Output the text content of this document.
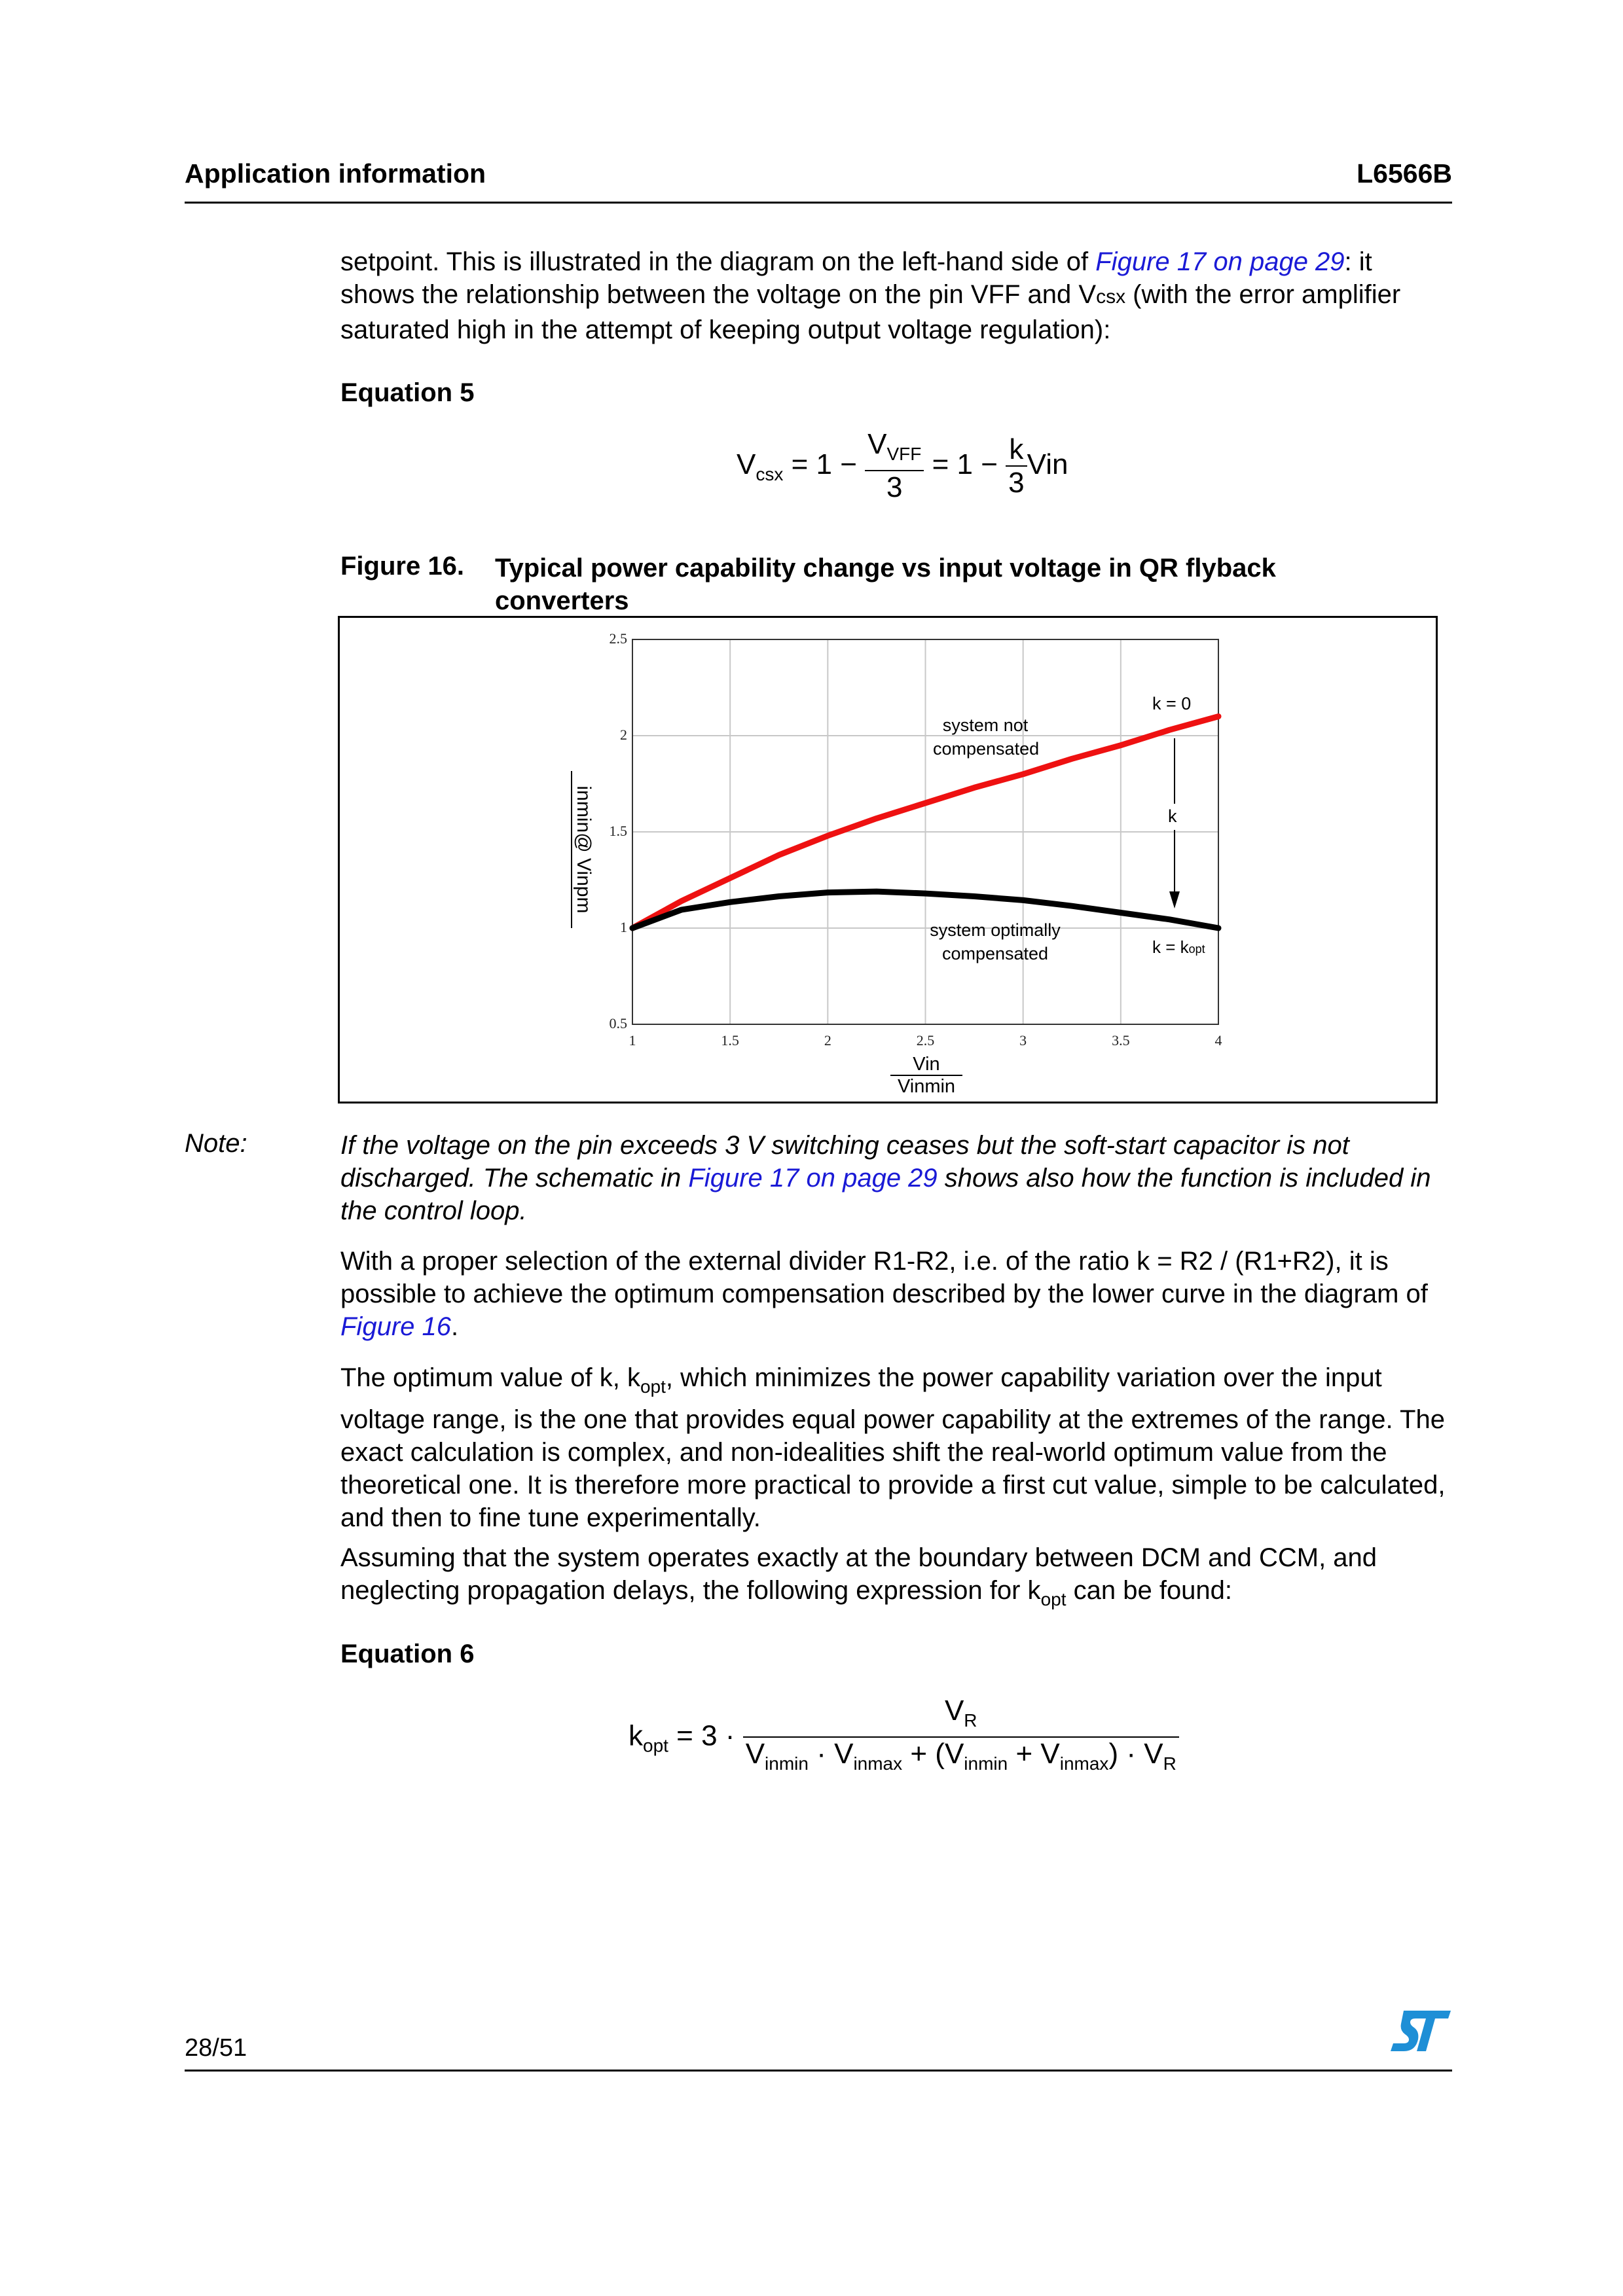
Application information	L6566B
setpoint. This is illustrated in the diagram on the left-hand side of Figure 17 on page 29: it shows the relationship between the voltage on the pin VFF and Vcsx (with the error amplifier saturated high in the attempt of keeping output voltage regulation):
Equation 5
$V_{csx} = 1 - \frac{V_{VFF}}{3} = 1 - \frac{k}{3}$ Vin
Figure 16. Typical power capability change vs input voltage in QR flyback converters
1	1.5	2	2.5	3	3.5	4
0.5
1
1.5
2
2.5
system not
compensated
system optimally
compensated
k = 0
k
k = kopt
Vin
Vinmin
inmin@ Vinpm
Note:	If the voltage on the pin exceeds 3 V switching ceases but the soft-start capacitor is not discharged. The schematic in Figure 17 on page 29 shows also how the function is included in the control loop.
With a proper selection of the external divider R1-R2, i.e. of the ratio k = R2 / (R1+R2), it is possible to achieve the optimum compensation described by the lower curve in the diagram of Figure 16.
The optimum value of k, $k_{opt}$, which minimizes the power capability variation over the input voltage range, is the one that provides equal power capability at the extremes of the range. The exact calculation is complex, and non-idealities shift the real-world optimum value from the theoretical one. It is therefore more practical to provide a first cut value, simple to be calculated, and then to fine tune experimentally.
Assuming that the system operates exactly at the boundary between DCM and CCM, and neglecting propagation delays, the following expression for $k_{opt}$ can be found:
Equation 6
$k_{opt} = 3 \cdot \frac{V_R}{V_{inmin} \cdot V_{inmax} + (V_{inmin} + V_{inmax}) \cdot V_R}$
28/51
